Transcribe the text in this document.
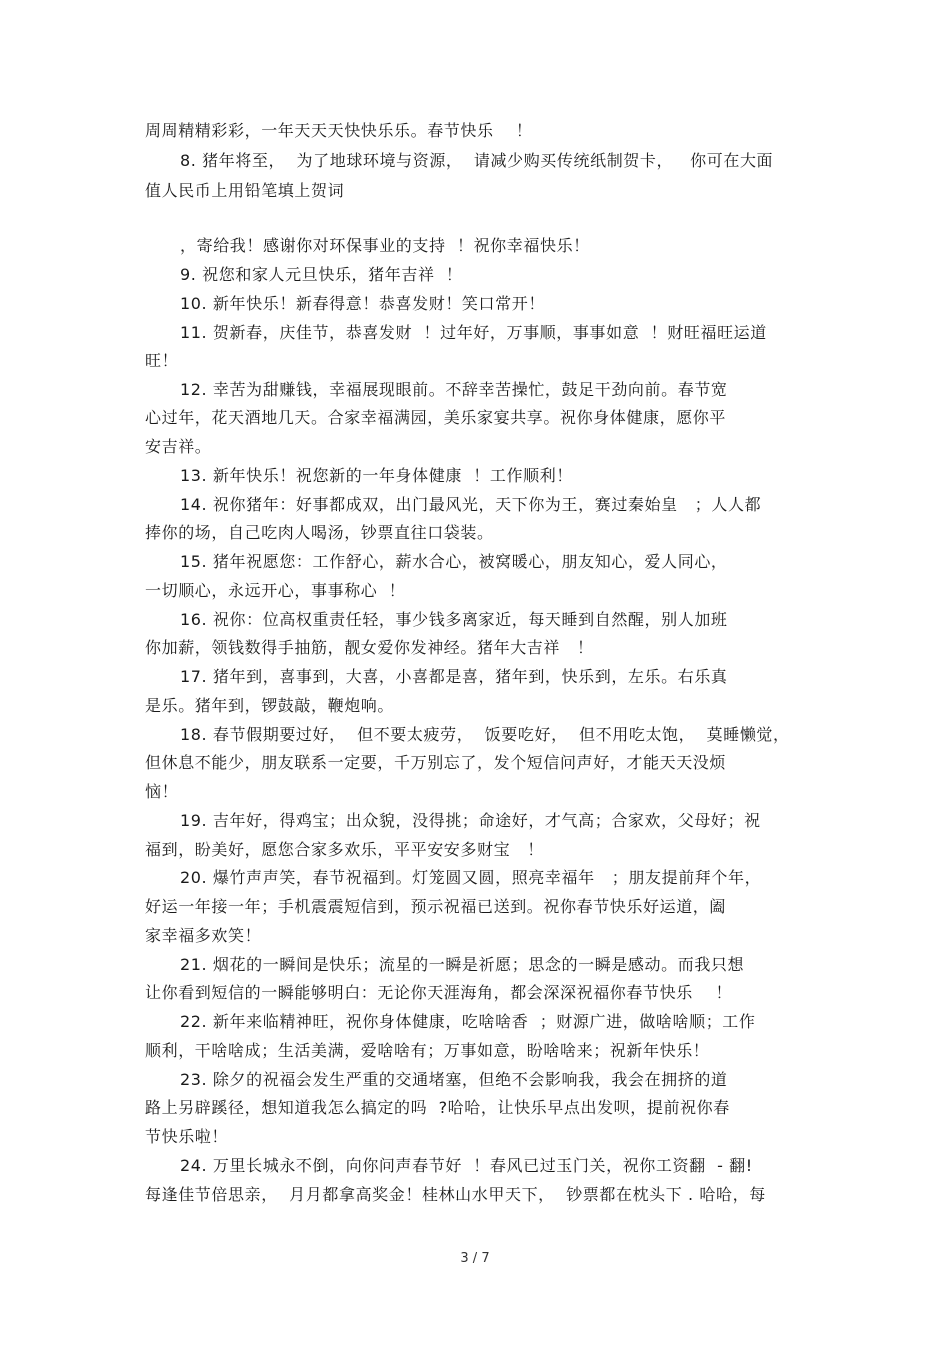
周周精精彩彩，一年天天天快快乐乐。春节快乐　 ！
8. 猪年将至，  为了地球环境与资源，  请减少购买传统纸制贺卡，   你可在大面
值人民币上用铅笔填上贺词
，寄给我！感谢你对环保事业的支持  ！祝你幸福快乐！
9. 祝您和家人元旦快乐，猪年吉祥  ！
10. 新年快乐！新春得意！恭喜发财！笑口常开！
11. 贺新春，庆佳节，恭喜发财  ！过年好，万事顺，事事如意  ！财旺福旺运道
旺！
12. 幸苦为甜赚钱，幸福展现眼前。不辞幸苦操忙，鼓足干劲向前。春节宽
心过年，花天酒地几天。合家幸福满园，美乐家宴共享。祝你身体健康，愿你平
安吉祥。
13. 新年快乐！祝您新的一年身体健康  ！工作顺利！
14. 祝你猪年：好事都成双，出门最风光，天下你为王，赛过秦始皇   ；人人都
捧你的场，自己吃肉人喝汤，钞票直往口袋装。
15. 猪年祝愿您：工作舒心，薪水合心，被窝暖心，朋友知心，爱人同心，
一切顺心，永远开心，事事称心  ！
16. 祝你：位高权重责任轻，事少钱多离家近，每天睡到自然醒，别人加班
你加薪，领钱数得手抽筋，靓女爱你发神经。猪年大吉祥   ！
17. 猪年到，喜事到，大喜，小喜都是喜，猪年到，快乐到，左乐。右乐真
是乐。猪年到，锣鼓敲，鞭炮响。
18. 春节假期要过好，  但不要太疲劳，  饭要吃好，  但不用吃太饱，  莫睡懒觉，
但休息不能少，朋友联系一定要，千万别忘了，发个短信问声好，才能天天没烦
恼！
19. 吉年好，得鸡宝；出众貌，没得挑；命途好，才气高；合家欢，父母好；祝
福到，盼美好，愿您合家多欢乐，平平安安多财宝   ！
20. 爆竹声声笑，春节祝福到。灯笼圆又圆，照亮幸福年   ；朋友提前拜个年，
好运一年接一年；手机震震短信到，预示祝福已送到。祝你春节快乐好运道，阖
家幸福多欢笑！
21. 烟花的一瞬间是快乐；流星的一瞬是祈愿；思念的一瞬是感动。而我只想
让你看到短信的一瞬能够明白：无论你天涯海角，都会深深祝福你春节快乐    ！
22. 新年来临精神旺，祝你身体健康，吃啥啥香  ；财源广进，做啥啥顺；工作
顺利，干啥啥成；生活美满，爱啥啥有；万事如意，盼啥啥来；祝新年快乐！
23. 除夕的祝福会发生严重的交通堵塞，但绝不会影响我，我会在拥挤的道
路上另辟蹊径，想知道我怎么搞定的吗  ?哈哈，让快乐早点出发呗，提前祝你春
节快乐啦！
24. 万里长城永不倒，向你问声春节好  ！春风已过玉门关，祝你工资翻  - 翻!
每逢佳节倍思亲，  月月都拿高奖金！桂林山水甲天下，  钞票都在枕头下 . 哈哈，每
3 / 7
